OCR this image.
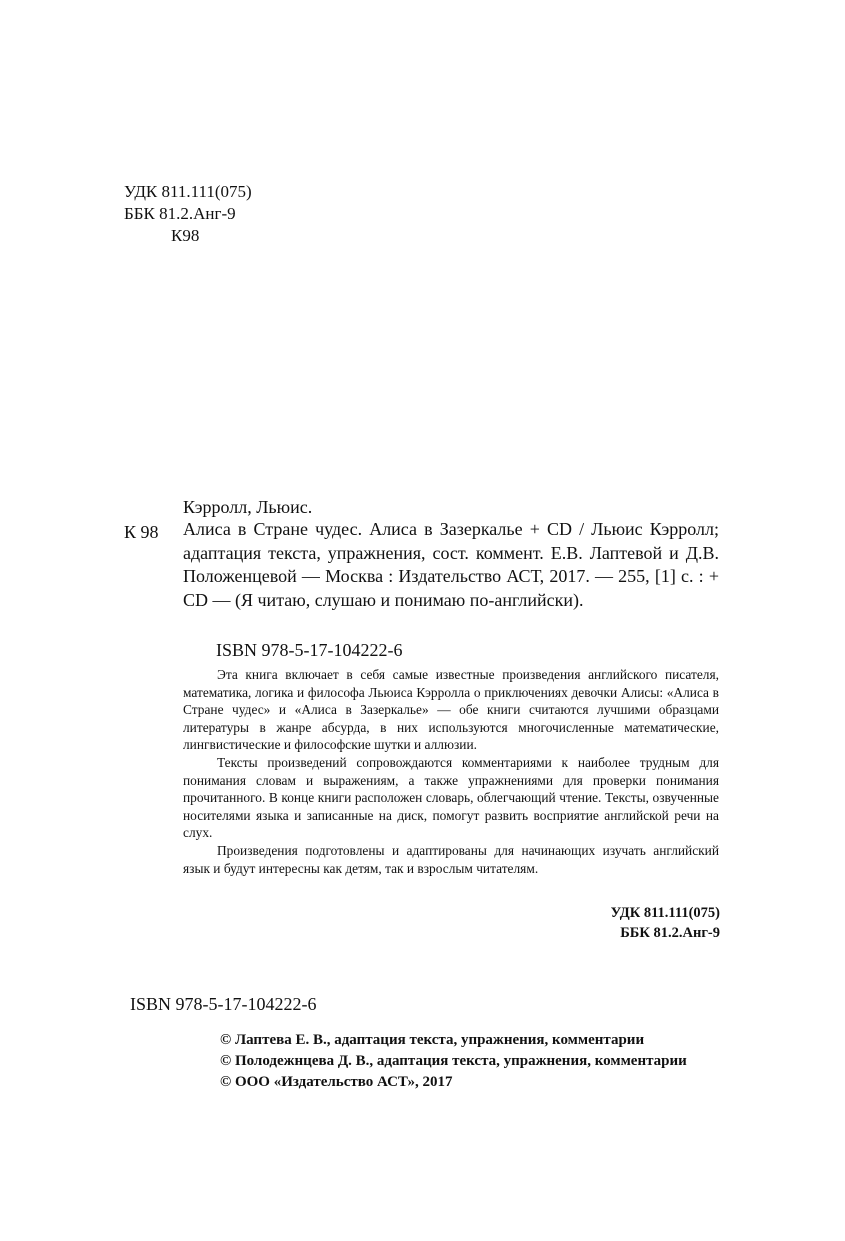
УДК 811.111(075)
ББК 81.2.Анг-9
К98
Кэрролл, Льюис.
К 98 Алиса в Стране чудес. Алиса в Зазеркалье + CD / Льюис Кэрролл; адаптация текста, упражнения, сост. коммент. Е.В. Лаптевой и Д.В. Положенцевой — Москва : Издательство АСТ, 2017. — 255, [1] с. : + CD — (Я читаю, слушаю и понимаю по-английски).
ISBN 978-5-17-104222-6

Эта книга включает в себя самые известные произведения английского писателя, математика, логика и философа Льюиса Кэрролла о приключениях девочки Алисы: «Алиса в Стране чудес» и «Алиса в Зазеркалье» — обе книги считаются лучшими образцами литературы в жанре абсурда, в них используются многочисленные математические, лингвистические и философские шутки и аллюзии.

Тексты произведений сопровождаются комментариями к наиболее трудным для понимания словам и выражениям, а также упражнениями для проверки понимания прочитанного. В конце книги расположен словарь, облегчающий чтение. Тексты, озвученные носителями языка и записанные на диск, помогут развить восприятие английской речи на слух.

Произведения подготовлены и адаптированы для начинающих изучать английский язык и будут интересны как детям, так и взрослым читателям.

УДК 811.111(075)
ББК 81.2.Анг-9
ISBN 978-5-17-104222-6
© Лаптева Е. В., адаптация текста, упражнения, комментарии
© Полодежнцева Д. В., адаптация текста, упражнения, комментарии
© ООО «Издательство АСТ», 2017
